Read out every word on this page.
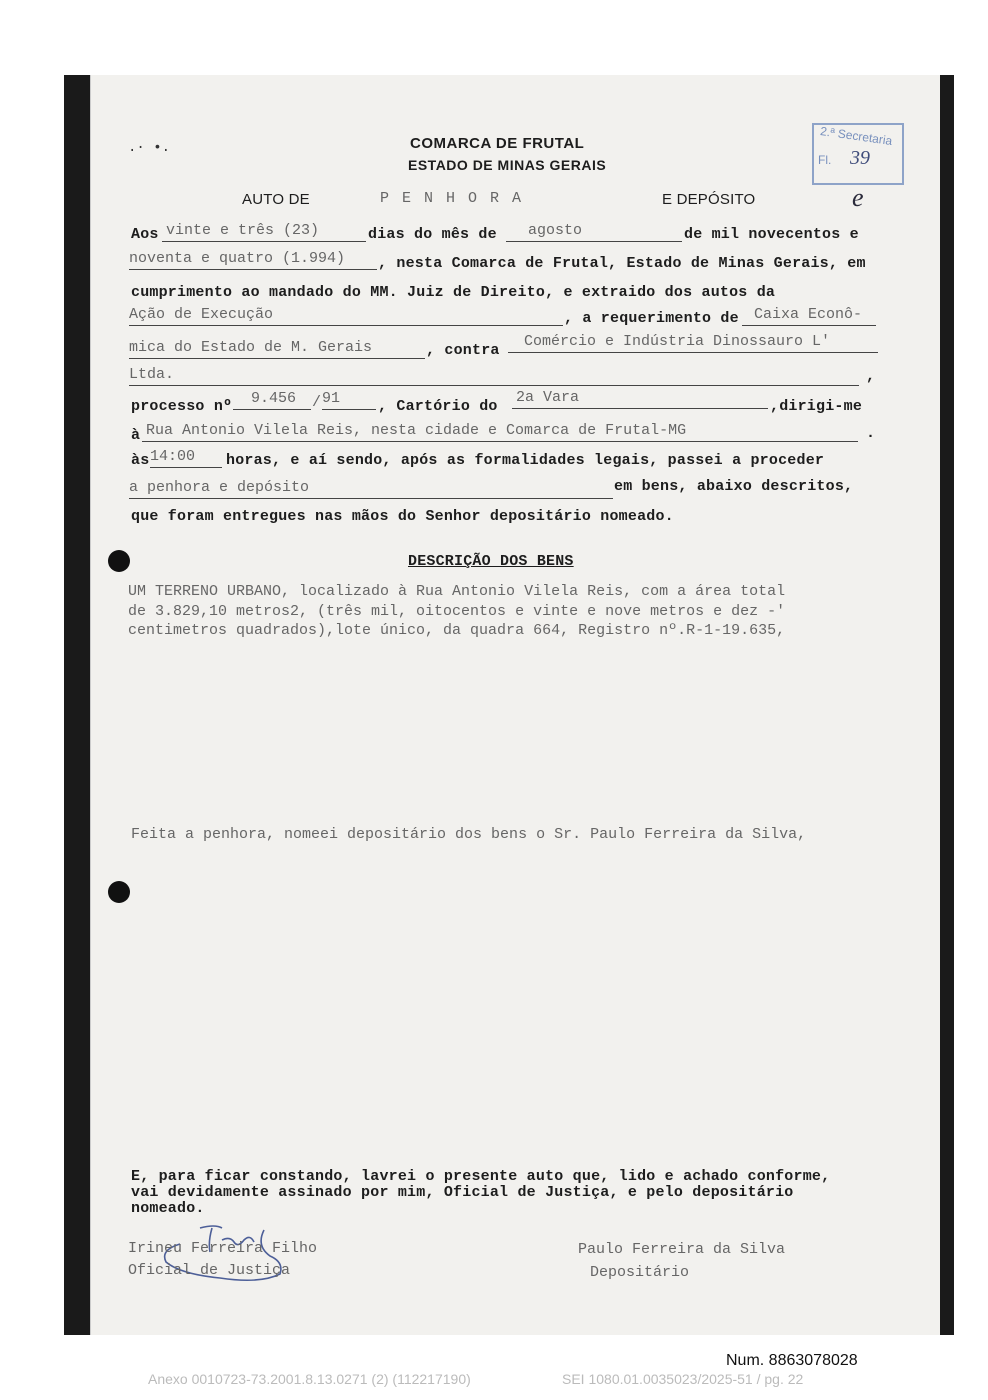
.· •.	COMARCA DE FRUTAL
ESTADO DE MINAS GERAIS
AUTO DE	P E N H O R A	E DEPÓSITO
2.ª Secretaria
Fl. 39
e
Aos vinte e três (23)	dias do mês de	agosto	de mil novecentos e
noventa e quatro (1.994)	, nesta Comarca de Frutal, Estado de Minas Gerais, em
cumprimento ao mandado do MM. Juiz de Direito, e extraido dos autos da
Ação de Execução	, a requerimento de	Caixa Econô-
mica do Estado de M. Gerais	, contra
Comércio e Indústria Dinossauro L'
Ltda.	,
processo nº	9.456	/ 91	, Cartório do
2a Vara
,dirigi-me
à Rua Antonio Vilela Reis, nesta cidade e Comarca de Frutal-MG	.
às 14:00	horas, e aí sendo, após as formalidades legais, passei a proceder
a penhora e depósito	em bens, abaixo descritos,
que foram entregues nas mãos do Senhor depositário nomeado.
DESCRIÇÃO DOS BENS
UM TERRENO URBANO, localizado à Rua Antonio Vilela Reis, com a área total
de 3.829,10 metros2, (três mil, oitocentos e vinte e nove metros e dez -'
centimetros quadrados),lote único, da quadra 664, Registro nº.R-1-19.635,
Feita a penhora, nomeei depositário dos bens o Sr. Paulo Ferreira da Silva,
E, para ficar constando, lavrei o presente auto que, lido e achado conforme,
vai devidamente assinado por mim, Oficial de Justiça, e pelo depositário
nomeado.
Irineu Ferreira Filho
Oficial de Justiça
Paulo Ferreira da Silva
Depositário
Num. 8863078028
Anexo 0010723-73.2001.8.13.0271 (2) (112217190)	SEI 1080.01.0035023/2025-51 / pg. 22
